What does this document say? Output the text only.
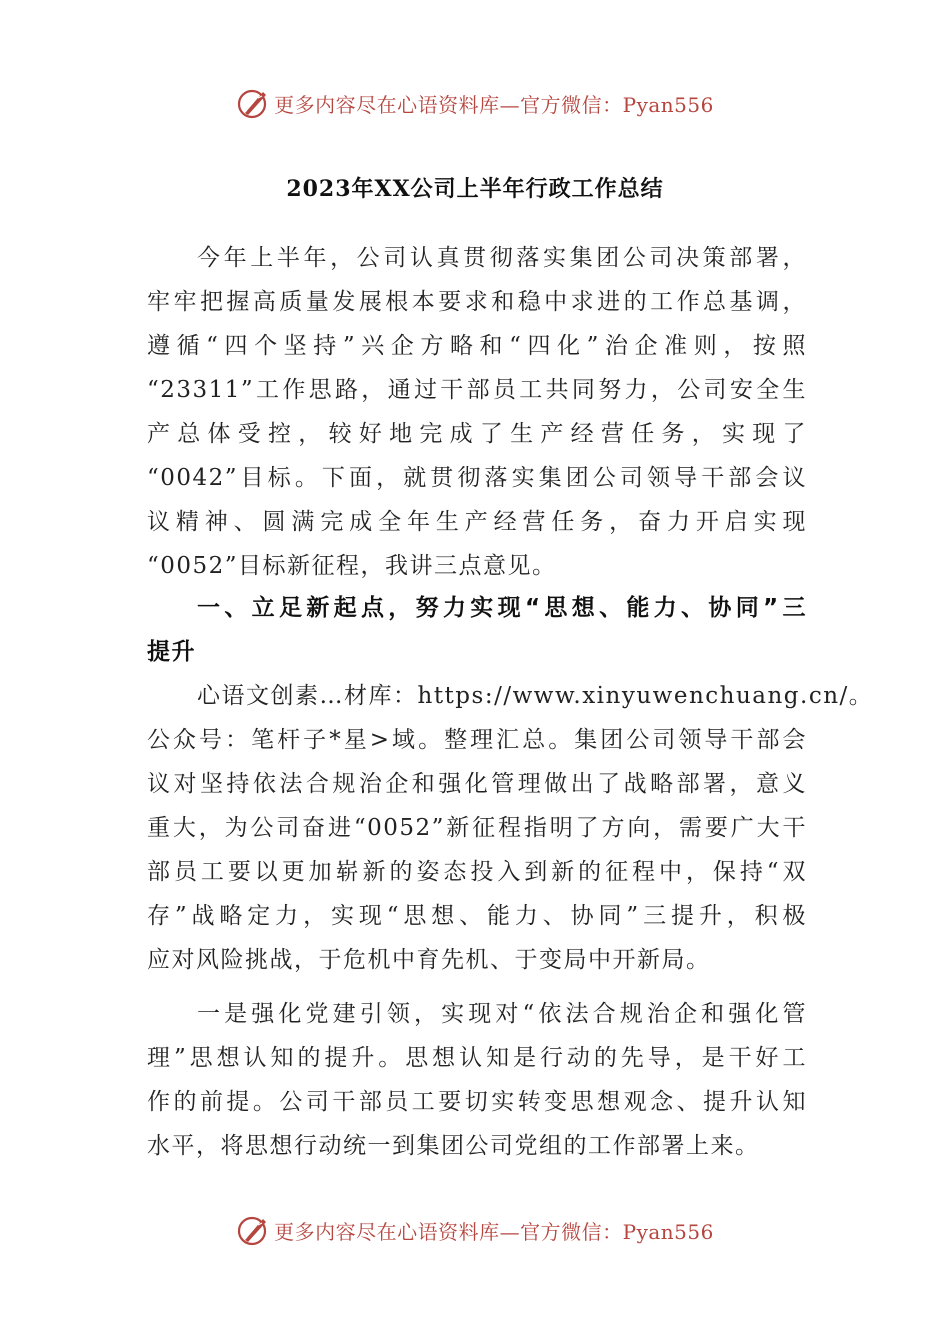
更多内容尽在心语资料库—官方微信：Pyan556
2023年XX公司上半年行政工作总结
今年上半年，公司认真贯彻落实集团公司决策部署，
牢牢把握高质量发展根本要求和稳中求进的工作总基调，
遵循“四个坚持”兴企方略和“四化”治企准则，按照
“23311”工作思路，通过干部员工共同努力，公司安全生
产总体受控，较好地完成了生产经营任务，实现了
“0042”目标。下面，就贯彻落实集团公司领导干部会议
议精神、圆满完成全年生产经营任务，奋力开启实现
“0052”目标新征程，我讲三点意见。
一、立足新起点，努力实现“思想、能力、协同”三
提升
心语文创素…材库：https://www.xinyuwenchuang.cn/。
公众号：笔杆子*星>域。整理汇总。集团公司领导干部会
议对坚持依法合规治企和强化管理做出了战略部署，意义
重大，为公司奋进“0052”新征程指明了方向，需要广大干
部员工要以更加崭新的姿态投入到新的征程中，保持“双
存”战略定力，实现“思想、能力、协同”三提升，积极
应对风险挑战，于危机中育先机、于变局中开新局。
一是强化党建引领，实现对“依法合规治企和强化管
理”思想认知的提升。思想认知是行动的先导，是干好工
作的前提。公司干部员工要切实转变思想观念、提升认知
水平，将思想行动统一到集团公司党组的工作部署上来。
更多内容尽在心语资料库—官方微信：Pyan556
